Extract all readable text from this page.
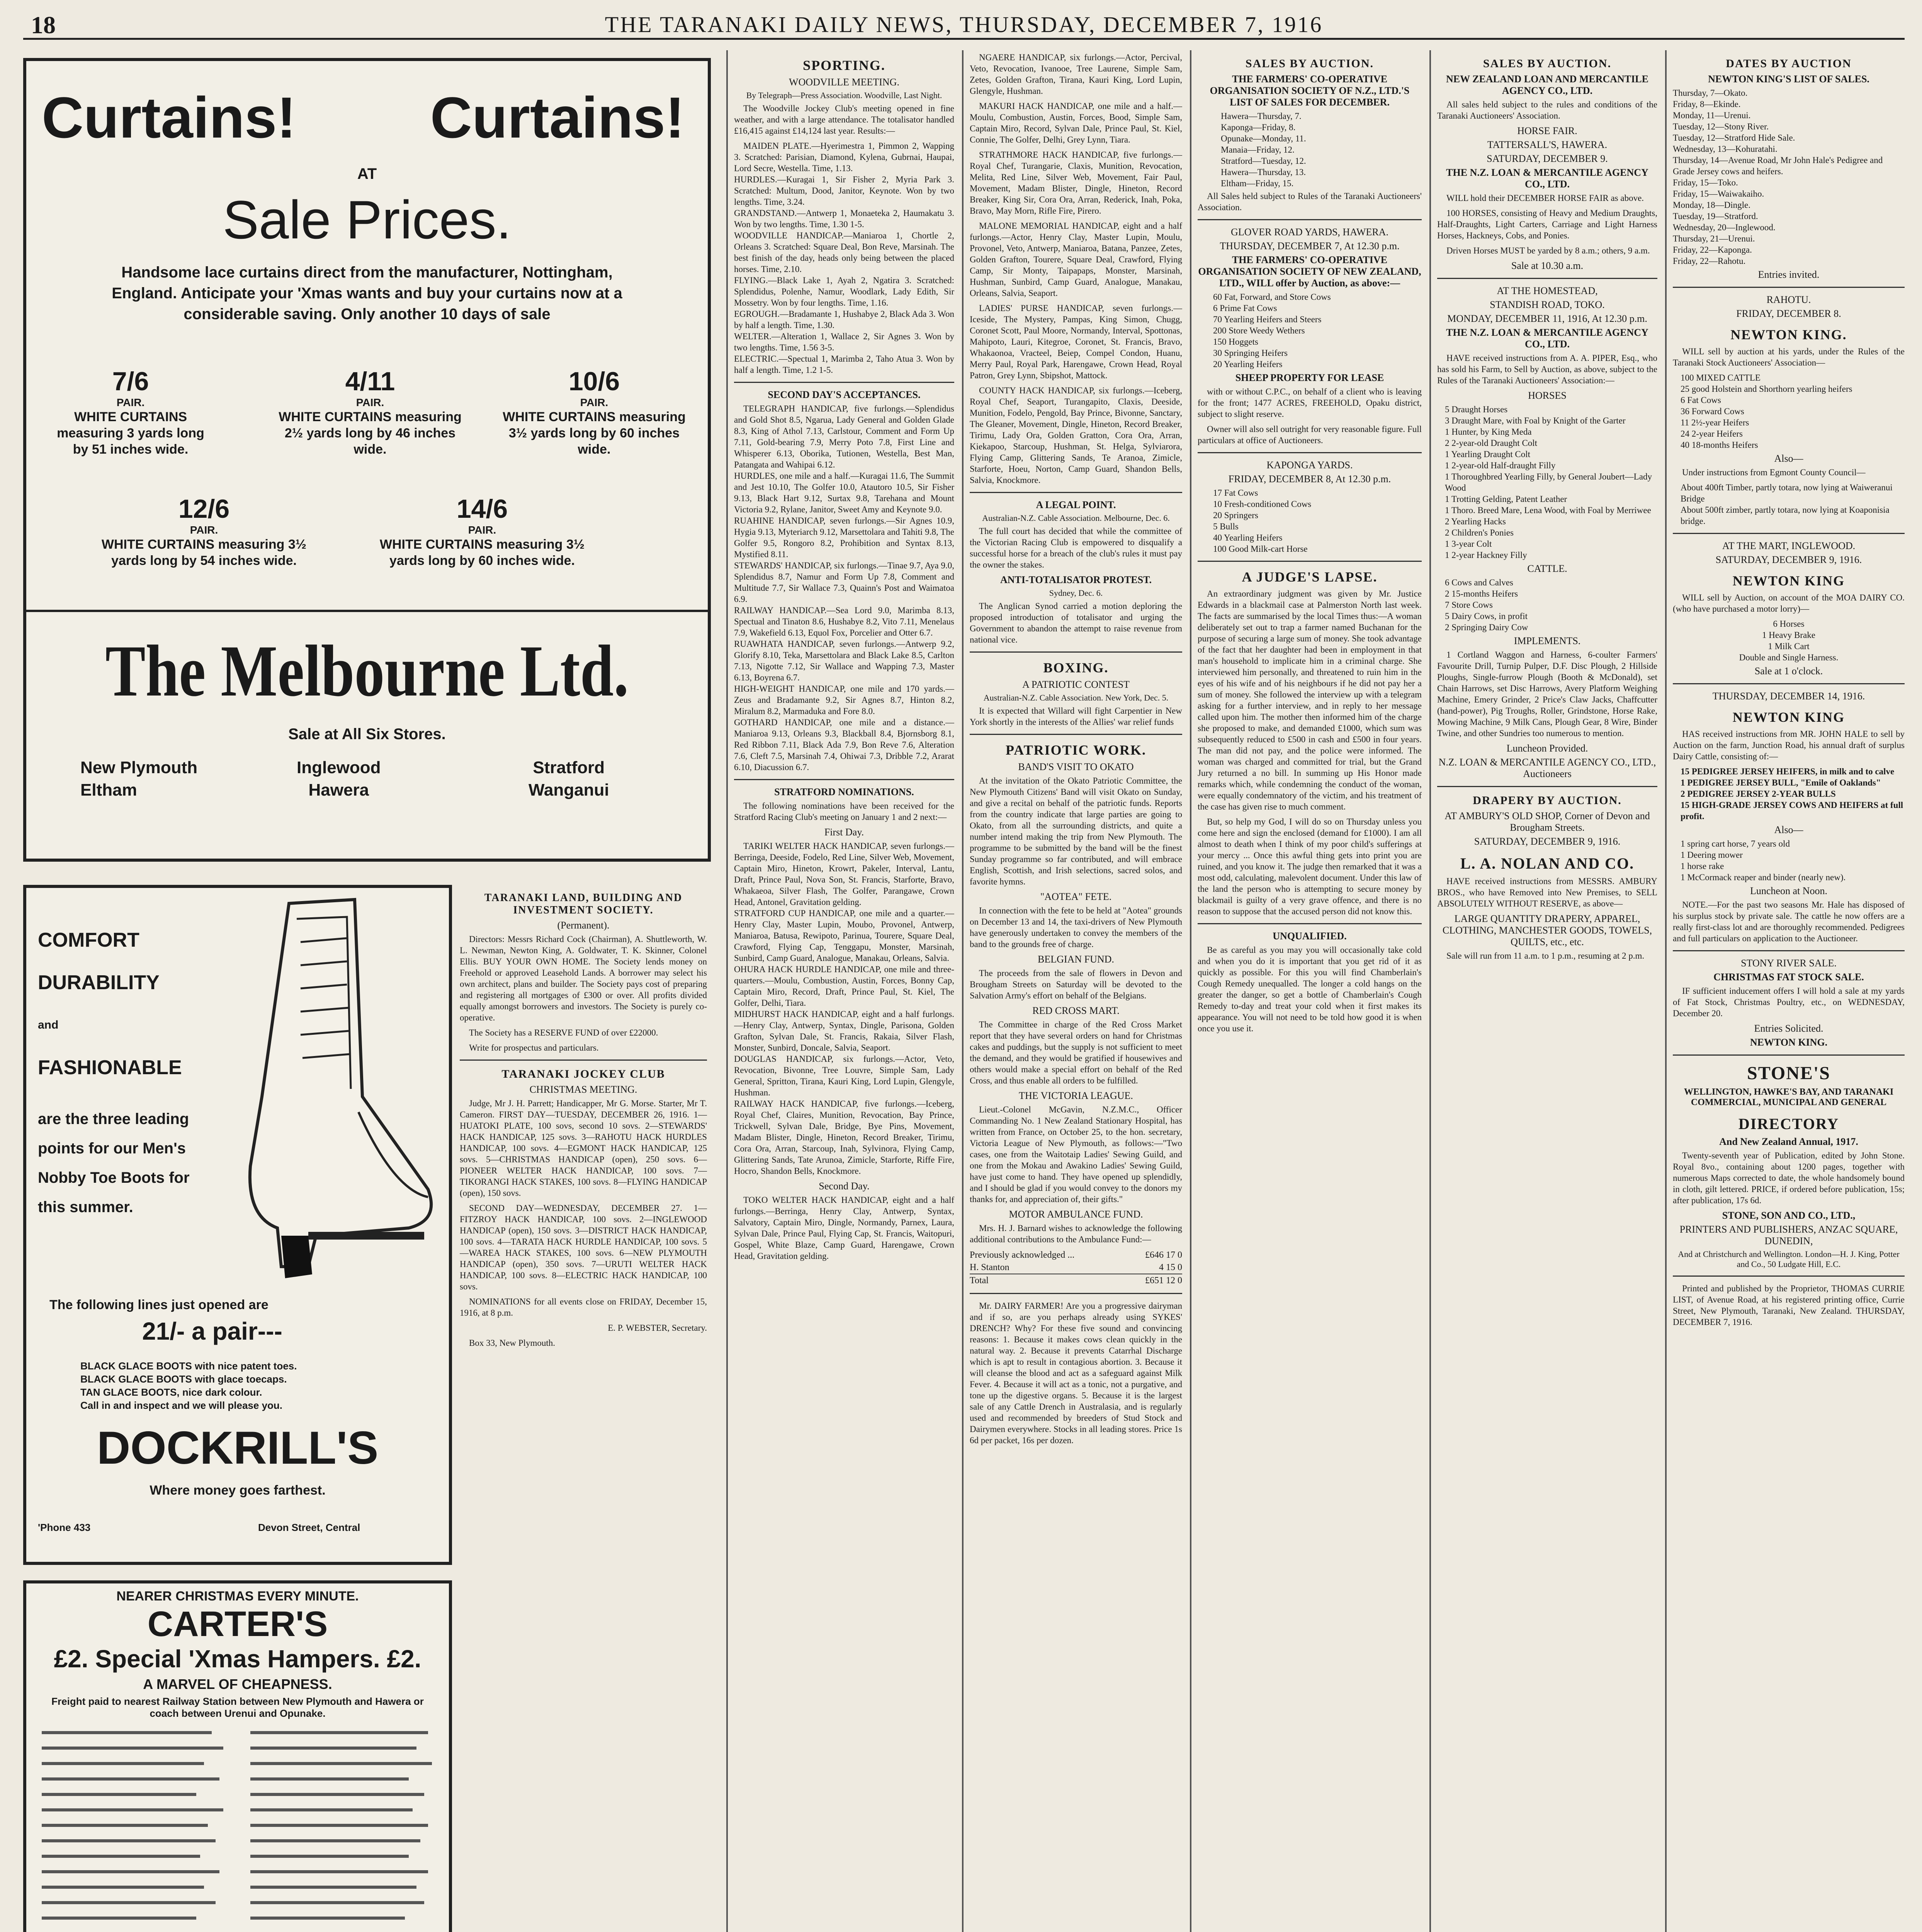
18	THE TARANAKI DAILY NEWS, THURSDAY, DECEMBER 7, 1916
Curtains! Curtains!
AT
Sale Prices.
Handsome lace curtains direct from the manufacturer, Nottingham, England. Anticipate your 'Xmas wants and buy your curtains now at a considerable saving. Only another 10 days of sale
7/6
PAIR.
WHITE CURTAINS measuring 3 yards long by 51 inches wide.
4/11
PAIR.
WHITE CURTAINS measuring 2½ yards long by 46 inches wide.
10/6
PAIR.
WHITE CURTAINS measuring 3½ yards long by 60 inches wide.
12/6
PAIR.
WHITE CURTAINS measuring 3½ yards long by 54 inches wide.
14/6
PAIR.
WHITE CURTAINS measuring 3½ yards long by 60 inches wide.
The Melbourne Ltd.
Sale at All Six Stores.
New Plymouth
Eltham
Inglewood
Hawera
Stratford
Wanganui
COMFORT
DURABILITY
and
FASHIONABLE
are the three leading points for our Men's Nobby Toe Boots for this summer.
The following lines just opened are
21/- a pair---
BLACK GLACE BOOTS with nice patent toes.
BLACK GLACE BOOTS with glace toecaps.
TAN GLACE BOOTS, nice dark colour.
Call in and inspect and we will please you.
DOCKRILL'S
Where money goes farthest.
'Phone 433	Devon Street, Central
TARANAKI LAND, BUILDING AND INVESTMENT SOCIETY.
(Permanent).
Directors: Messrs Richard Cock (Chairman), A. Shuttleworth, W. L. Newman, Newton King, A. Goldwater, T. K. Skinner, Colonel Ellis. BUY YOUR OWN HOME. The Society lends money on Freehold or approved Leasehold Lands. A borrower may select his own architect, plans and builder. The Society pays cost of preparing and registering all mortgages of £300 or over. All profits divided equally amongst borrowers and investors. The Society is purely co-operative.
The Society has a RESERVE FUND of over £22000.
Write for prospectus and particulars.
TARANAKI JOCKEY CLUB
CHRISTMAS MEETING.
Judge, Mr J. H. Parrett; Handicapper, Mr G. Morse. Starter, Mr T. Cameron. FIRST DAY—TUESDAY, DECEMBER 26, 1916. 1—HUATOKI PLATE, 100 sovs, second 10 sovs. 2—STEWARDS' HACK HANDICAP, 125 sovs. 3—RAHOTU HACK HURDLES HANDICAP, 100 sovs. 4—EGMONT HACK HANDICAP, 125 sovs. 5—CHRISTMAS HANDICAP (open), 250 sovs. 6—PIONEER WELTER HACK HANDICAP, 100 sovs. 7—TIKORANGI HACK STAKES, 100 sovs. 8—FLYING HANDICAP (open), 150 sovs.
SECOND DAY—WEDNESDAY, DECEMBER 27. 1—FITZROY HACK HANDICAP, 100 sovs. 2—INGLEWOOD HANDICAP (open), 150 sovs. 3—DISTRICT HACK HANDICAP, 100 sovs. 4—TARATA HACK HURDLE HANDICAP, 100 sovs. 5—WAREA HACK STAKES, 100 sovs. 6—NEW PLYMOUTH HANDICAP (open), 350 sovs. 7—URUTI WELTER HACK HANDICAP, 100 sovs. 8—ELECTRIC HACK HANDICAP, 100 sovs.
NOMINATIONS for all events close on FRIDAY, December 15, 1916, at 8 p.m.
E. P. WEBSTER, Secretary.
Box 33, New Plymouth.
NEARER CHRISTMAS EVERY MINUTE.
CARTER'S
£2. Special 'Xmas Hampers. £2.
A MARVEL OF CHEAPNESS.
Freight paid to nearest Railway Station between New Plymouth and Hawera or coach between Urenui and Opunake.
SPORTING.
WOODVILLE MEETING.
By Telegraph—Press Association. Woodville, Last Night.
The Woodville Jockey Club's meeting opened in fine weather, and with a large attendance. The totalisator handled £16,415 against £14,124 last year. Results:—
MAIDEN PLATE.—Hyerimestra 1, Pimmon 2, Wapping 3. Scratched: Parisian, Diamond, Kylena, Gubrnai, Haupai, Lord Secre, Westella. Time, 1.13.
HURDLES.—Kuragai 1, Sir Fisher 2, Myria Park 3. Scratched: Multum, Dood, Janitor, Keynote. Won by two lengths. Time, 3.24.
GRANDSTAND.—Antwerp 1, Monaeteka 2, Haumakatu 3. Won by two lengths. Time, 1.30 1-5.
WOODVILLE HANDICAP.—Maniaroa 1, Chortle 2, Orleans 3. Scratched: Square Deal, Bon Reve, Marsinah. The best finish of the day, heads only being between the placed horses. Time, 2.10.
FLYING.—Black Lake 1, Ayah 2, Ngatira 3. Scratched: Splendidus, Polenhe, Namur, Woodlark, Lady Edith, Sir Mossetry. Won by four lengths. Time, 1.16.
EGROUGH.—Bradamante 1, Hushabye 2, Black Ada 3. Won by half a length. Time, 1.30.
WELTER.—Alteration 1, Wallace 2, Sir Agnes 3. Won by two lengths. Time, 1.56 3-5.
ELECTRIC.—Spectual 1, Marimba 2, Taho Atua 3. Won by half a length. Time, 1.2 1-5.
SECOND DAY'S ACCEPTANCES.
TELEGRAPH HANDICAP, five furlongs.—Splendidus and Gold Shot 8.5, Ngarua, Lady General and Golden Glade 8.3, King of Athol 7.13, Carlstour, Comment and Form Up 7.11, Gold-bearing 7.9, Merry Poto 7.8, First Line and Whisperer 6.13, Oborika, Tutionen, Westella, Best Man, Patangata and Wahipai 6.12.
HURDLES, one mile and a half.—Kuragai 11.6, The Summit and Jest 10.10, The Golfer 10.0, Atautoro 10.5, Sir Fisher 9.13, Black Hart 9.12, Surtax 9.8, Tarehana and Mount Victoria 9.2, Rylane, Janitor, Sweet Amy and Keynote 9.0.
RUAHINE HANDICAP, seven furlongs.—Sir Agnes 10.9, Hygia 9.13, Myteriarch 9.12, Marsettolara and Tahiti 9.8, The Golfer 9.5, Rongoro 8.2, Prohibition and Syntax 8.13, Mystified 8.11.
STEWARDS' HANDICAP, six furlongs.—Tinae 9.7, Aya 9.0, Splendidus 8.7, Namur and Form Up 7.8, Comment and Multitude 7.7, Sir Wallace 7.3, Quainn's Post and Waimatoa 6.9.
RAILWAY HANDICAP.—Sea Lord 9.0, Marimba 8.13, Spectual and Tinaton 8.6, Hushabye 8.2, Vito 7.11, Menelaus 7.9, Wakefield 6.13, Equol Fox, Porcelier and Otter 6.7.
RUAWHATA HANDICAP, seven furlongs.—Antwerp 9.2, Glorify 8.10, Teka, Marsettolara and Black Lake 8.5, Carlton 7.13, Nigotte 7.12, Sir Wallace and Wapping 7.3, Master 6.13, Boyrena 6.7.
HIGH-WEIGHT HANDICAP, one mile and 170 yards.—Zeus and Bradamante 9.2, Sir Agnes 8.7, Hinton 8.2, Miralum 8.2, Marmaduka and Fore 8.0.
GOTHARD HANDICAP, one mile and a distance.—Maniaroa 9.13, Orleans 9.3, Blackball 8.4, Bjornsborg 8.1, Red Ribbon 7.11, Black Ada 7.9, Bon Reve 7.6, Alteration 7.6, Cleft 7.5, Marsinah 7.4, Ohiwai 7.3, Dribble 7.2, Ararat 6.10, Diacussion 6.7.
STRATFORD NOMINATIONS.
The following nominations have been received for the Stratford Racing Club's meeting on January 1 and 2 next:—
First Day.
TARIKI WELTER HACK HANDICAP, seven furlongs.—Berringa, Deeside, Fodelo, Red Line, Silver Web, Movement, Captain Miro, Hineton, Krowrt, Pakeler, Interval, Lantu, Draft, Prince Paul, Nova Son, St. Francis, Starforte, Bravo, Whakaeoa, Silver Flash, The Golfer, Parangawe, Crown Head, Antonel, Gravitation gelding.
STRATFORD CUP HANDICAP, one mile and a quarter.—Henry Clay, Master Lupin, Moubo, Provonel, Antwerp, Maniaroa, Batusa, Rewipoto, Parinua, Tourere, Square Deal, Crawford, Flying Cap, Tenggapu, Monster, Marsinah, Sunbird, Camp Guard, Analogue, Manakau, Orleans, Salvia.
OHURA HACK HURDLE HANDICAP, one mile and three-quarters.—Moulu, Combustion, Austin, Forces, Bonny Cap, Captain Miro, Record, Draft, Prince Paul, St. Kiel, The Golfer, Delhi, Tiara.
MIDHURST HACK HANDICAP, eight and a half furlongs.—Henry Clay, Antwerp, Syntax, Dingle, Parisona, Golden Grafton, Sylvan Dale, St. Francis, Rakaia, Silver Flash, Monster, Sunbird, Doncale, Salvia, Seaport.
DOUGLAS HANDICAP, six furlongs.—Actor, Veto, Revocation, Bivonne, Tree Louvre, Simple Sam, Lady General, Spritton, Tirana, Kauri King, Lord Lupin, Glengyle, Hushman.
RAILWAY HACK HANDICAP, five furlongs.—Iceberg, Royal Chef, Claires, Munition, Revocation, Bay Prince, Trickwell, Sylvan Dale, Bridge, Bye Pins, Movement, Madam Blister, Dingle, Hineton, Record Breaker, Tirimu, Cora Ora, Arran, Starcoup, Inah, Sylvinora, Flying Camp, Glittering Sands, Tate Arunoa, Zimicle, Starforte, Riffe Fire, Hocro, Shandon Bells, Knockmore.
Second Day.
TOKO WELTER HACK HANDICAP, eight and a half furlongs.—Berringa, Henry Clay, Antwerp, Syntax, Salvatory, Captain Miro, Dingle, Normandy, Parnex, Laura, Sylvan Dale, Prince Paul, Flying Cap, St. Francis, Waitopuri, Gospel, White Blaze, Camp Guard, Harengawe, Crown Head, Gravitation gelding.
NGAERE HANDICAP, six furlongs.—Actor, Percival, Veto, Revocation, Ivanooe, Tree Laurene, Simple Sam, Zetes, Golden Grafton, Tirana, Kauri King, Lord Lupin, Glengyle, Hushman.
MAKURI HACK HANDICAP, one mile and a half.—Moulu, Combustion, Austin, Forces, Bood, Simple Sam, Captain Miro, Record, Sylvan Dale, Prince Paul, St. Kiel, Connie, The Golfer, Delhi, Grey Lynn, Tiara.
STRATHMORE HACK HANDICAP, five furlongs.—Royal Chef, Turangarie, Claxis, Munition, Revocation, Melita, Red Line, Silver Web, Movement, Fair Paul, Movement, Madam Blister, Dingle, Hineton, Record Breaker, King Sir, Cora Ora, Arran, Rederick, Inah, Poka, Bravo, May Morn, Rifle Fire, Pirero.
MALONE MEMORIAL HANDICAP, eight and a half furlongs.—Actor, Henry Clay, Master Lupin, Moulu, Provonel, Veto, Antwerp, Maniaroa, Batana, Panzee, Zetes, Golden Grafton, Tourere, Square Deal, Crawford, Flying Camp, Sir Monty, Taipapaps, Monster, Marsinah, Hushman, Sunbird, Camp Guard, Analogue, Manakau, Orleans, Salvia, Seaport.
LADIES' PURSE HANDICAP, seven furlongs.—Iceside, The Mystery, Pampas, King Simon, Chugg, Coronet Scott, Paul Moore, Normandy, Interval, Spottonas, Mahipoto, Lauri, Kitegroe, Coronet, St. Francis, Bravo, Whakaonoa, Vracteel, Beiep, Compel Condon, Huanu, Merry Paul, Royal Park, Harengawe, Crown Head, Royal Patron, Grey Lynn, Sbipshot, Mattock.
COUNTY HACK HANDICAP, six furlongs.—Iceberg, Royal Chef, Seaport, Turangapito, Claxis, Deeside, Munition, Fodelo, Pengold, Bay Prince, Bivonne, Sanctary, The Gleaner, Movement, Dingle, Hineton, Record Breaker, Tirimu, Lady Ora, Golden Gratton, Cora Ora, Arran, Kiekapoo, Starcoup, Hushman, St. Helga, Sylviarora, Flying Camp, Glittering Sands, Te Aranoa, Zimicle, Starforte, Hoeu, Norton, Camp Guard, Shandon Bells, Salvia, Knockmore.
A LEGAL POINT.
Australian-N.Z. Cable Association. Melbourne, Dec. 6.
The full court has decided that while the committee of the Victorian Racing Club is empowered to disqualify a successful horse for a breach of the club's rules it must pay the owner the stakes.
ANTI-TOTALISATOR PROTEST.
Sydney, Dec. 6.
The Anglican Synod carried a motion deploring the proposed introduction of totalisator and urging the Government to abandon the attempt to raise revenue from national vice.
BOXING.
A PATRIOTIC CONTEST
Australian-N.Z. Cable Association. New York, Dec. 5.
It is expected that Willard will fight Carpentier in New York shortly in the interests of the Allies' war relief funds
PATRIOTIC WORK.
BAND'S VISIT TO OKATO
At the invitation of the Okato Patriotic Committee, the New Plymouth Citizens' Band will visit Okato on Sunday, and give a recital on behalf of the patriotic funds. Reports from the country indicate that large parties are going to Okato, from all the surrounding districts, and quite a number intend making the trip from New Plymouth. The programme to be submitted by the band will be the finest Sunday programme so far contributed, and will embrace English, Scottish, and Irish selections, sacred solos, and favorite hymns.
"AOTEA" FETE.
In connection with the fete to be held at "Aotea" grounds on December 13 and 14, the taxi-drivers of New Plymouth have generously undertaken to convey the members of the band to the grounds free of charge.
BELGIAN FUND.
The proceeds from the sale of flowers in Devon and Brougham Streets on Saturday will be devoted to the Salvation Army's effort on behalf of the Belgians.
RED CROSS MART.
The Committee in charge of the Red Cross Market report that they have several orders on hand for Christmas cakes and puddings, but the supply is not sufficient to meet the demand, and they would be gratified if housewives and others would make a special effort on behalf of the Red Cross, and thus enable all orders to be fulfilled.
THE VICTORIA LEAGUE.
Lieut.-Colonel McGavin, N.Z.M.C., Officer Commanding No. 1 New Zealand Stationary Hospital, has written from France, on October 25, to the hon. secretary, Victoria League of New Plymouth, as follows:—"Two cases, one from the Waitotaip Ladies' Sewing Guild, and one from the Mokau and Awakino Ladies' Sewing Guild, have just come to hand. They have opened up splendidly, and I should be glad if you would convey to the donors my thanks for, and appreciation of, their gifts."
MOTOR AMBULANCE FUND.
Mrs. H. J. Barnard wishes to acknowledge the following additional contributions to the Ambulance Fund:—
Previously acknowledged ...	£646 17 0
H. Stanton	4 15 0
Total	£651 12 0
Mr. DAIRY FARMER! Are you a progressive dairyman and if so, are you perhaps already using SYKES' DRENCH? Why? For these five sound and convincing reasons: 1. Because it makes cows clean quickly in the natural way. 2. Because it prevents Catarrhal Discharge which is apt to result in contagious abortion. 3. Because it will cleanse the blood and act as a safeguard against Milk Fever. 4. Because it will act as a tonic, not a purgative, and tone up the digestive organs. 5. Because it is the largest sale of any Cattle Drench in Australasia, and is regularly used and recommended by breeders of Stud Stock and Dairymen everywhere. Stocks in all leading stores. Price 1s 6d per packet, 16s per dozen.
SALES BY AUCTION.
THE FARMERS' CO-OPERATIVE ORGANISATION SOCIETY OF N.Z., LTD.'S LIST OF SALES FOR DECEMBER.
Hawera—Thursday, 7.
Kaponga—Friday, 8.
Opunake—Monday, 11.
Manaia—Friday, 12.
Stratford—Tuesday, 12.
Hawera—Thursday, 13.
Eltham—Friday, 15.
All Sales held subject to Rules of the Taranaki Auctioneers' Association.
GLOVER ROAD YARDS, HAWERA.
THURSDAY, DECEMBER 7, At 12.30 p.m.
THE FARMERS' CO-OPERATIVE ORGANISATION SOCIETY OF NEW ZEALAND, LTD., WILL offer by Auction, as above:—
60 Fat, Forward, and Store Cows
6 Prime Fat Cows
70 Yearling Heifers and Steers
200 Store Weedy Wethers
150 Hoggets
30 Springing Heifers
20 Yearling Heifers
SHEEP PROPERTY FOR LEASE
with or without C.P.C., on behalf of a client who is leaving for the front; 1477 ACRES, FREEHOLD, Opaku district, subject to slight reserve.
Owner will also sell outright for very reasonable figure. Full particulars at office of Auctioneers.
KAPONGA YARDS.
FRIDAY, DECEMBER 8, At 12.30 p.m.
17 Fat Cows
10 Fresh-conditioned Cows
20 Springers
5 Bulls
40 Yearling Heifers
100 Good Milk-cart Horse
A JUDGE'S LAPSE.
An extraordinary judgment was given by Mr. Justice Edwards in a blackmail case at Palmerston North last week. The facts are summarised by the local Times thus:—A woman deliberately set out to trap a farmer named Buchanan for the purpose of securing a large sum of money. She took advantage of the fact that her daughter had been in employment in that man's household to implicate him in a criminal charge. She interviewed him personally, and threatened to ruin him in the eyes of his wife and of his neighbours if he did not pay her a sum of money. She followed the interview up with a telegram asking for a further interview, and in reply to her message called upon him. The mother then informed him of the charge she proposed to make, and demanded £1000, which sum was subsequently reduced to £500 in cash and £500 in four years. The man did not pay, and the police were informed. The woman was charged and committed for trial, but the Grand Jury returned a no bill. In summing up His Honor made remarks which, while condemning the conduct of the woman, were equally condemnatory of the victim, and his treatment of the case has given rise to much comment.
But, so help my God, I will do so on Thursday unless you come here and sign the enclosed (demand for £1000). I am all almost to death when I think of my poor child's sufferings at your mercy ... Once this awful thing gets into print you are ruined, and you know it. The judge then remarked that it was a most odd, calculating, malevolent document. Under this law of the land the person who is attempting to secure money by blackmail is guilty of a very grave offence, and there is no reason to suppose that the accused person did not know this.
UNQUALIFIED.
Be as careful as you may you will occasionally take cold and when you do it is important that you get rid of it as quickly as possible. For this you will find Chamberlain's Cough Remedy unequalled. The longer a cold hangs on the greater the danger, so get a bottle of Chamberlain's Cough Remedy to-day and treat your cold when it first makes its appearance. You will not need to be told how good it is when once you use it.
SALES BY AUCTION.
NEW ZEALAND LOAN AND MERCANTILE AGENCY CO., LTD.
All sales held subject to the rules and conditions of the Taranaki Auctioneers' Association.
HORSE FAIR.
TATTERSALL'S, HAWERA.
SATURDAY, DECEMBER 9.
THE N.Z. LOAN & MERCANTILE AGENCY CO., LTD.
WILL hold their DECEMBER HORSE FAIR as above.
100 HORSES, consisting of Heavy and Medium Draughts, Half-Draughts, Light Carters, Carriage and Light Harness Horses, Hackneys, Cobs, and Ponies.
Driven Horses MUST be yarded by 8 a.m.; others, 9 a.m.
Sale at 10.30 a.m.
AT THE HOMESTEAD,
STANDISH ROAD, TOKO.
MONDAY, DECEMBER 11, 1916, At 12.30 p.m.
THE N.Z. LOAN & MERCANTILE AGENCY CO., LTD.
HAVE received instructions from A. A. PIPER, Esq., who has sold his Farm, to Sell by Auction, as above, subject to the Rules of the Taranaki Auctioneers' Association:—
HORSES
5 Draught Horses
3 Draught Mare, with Foal by Knight of the Garter
1 Hunter, by King Meda
2 2-year-old Draught Colt
1 Yearling Draught Colt
1 2-year-old Half-draught Filly
1 Thoroughbred Yearling Filly, by General Joubert—Lady Wood
1 Trotting Gelding, Patent Leather
1 Thoro. Breed Mare, Lena Wood, with Foal by Merriwee
2 Yearling Hacks
2 Children's Ponies
1 3-year Colt
1 2-year Hackney Filly
CATTLE.
6 Cows and Calves
2 15-months Heifers
7 Store Cows
5 Dairy Cows, in profit
2 Springing Dairy Cow
IMPLEMENTS.
1 Cortland Waggon and Harness, 6-coulter Farmers' Favourite Drill, Turnip Pulper, D.F. Disc Plough, 2 Hillside Ploughs, Single-furrow Plough (Booth & McDonald), set Chain Harrows, set Disc Harrows, Avery Platform Weighing Machine, Emery Grinder, 2 Price's Claw Jacks, Chaffcutter (hand-power), Pig Troughs, Roller, Grindstone, Horse Rake, Mowing Machine, 9 Milk Cans, Plough Gear, 8 Wire, Binder Twine, and other Sundries too numerous to mention.
Luncheon Provided.
N.Z. LOAN & MERCANTILE AGENCY CO., LTD., Auctioneers
DRAPERY BY AUCTION.
AT AMBURY'S OLD SHOP, Corner of Devon and Brougham Streets.
SATURDAY, DECEMBER 9, 1916.
L. A. NOLAN AND CO.
HAVE received instructions from MESSRS. AMBURY BROS., who have Removed into New Premises, to SELL ABSOLUTELY WITHOUT RESERVE, as above—
LARGE QUANTITY DRAPERY, APPAREL, CLOTHING, MANCHESTER GOODS, TOWELS, QUILTS, etc., etc.
Sale will run from 11 a.m. to 1 p.m., resuming at 2 p.m.
DATES BY AUCTION
NEWTON KING'S LIST OF SALES.
Thursday, 7—Okato.
Friday, 8—Ekinde.
Monday, 11—Urenui.
Tuesday, 12—Stony River.
Tuesday, 12—Stratford Hide Sale.
Wednesday, 13—Kohuratahi.
Thursday, 14—Avenue Road, Mr John Hale's Pedigree and Grade Jersey cows and heifers.
Friday, 15—Toko.
Friday, 15—Waiwakaiho.
Monday, 18—Dingle.
Tuesday, 19—Stratford.
Wednesday, 20—Inglewood.
Thursday, 21—Urenui.
Friday, 22—Kaponga.
Friday, 22—Rahotu.
Entries invited.
RAHOTU.
FRIDAY, DECEMBER 8.
NEWTON KING.
WILL sell by auction at his yards, under the Rules of the Taranaki Stock Auctioneers' Association—
100 MIXED CATTLE
25 good Holstein and Shorthorn yearling heifers
6 Fat Cows
36 Forward Cows
11 2½-year Heifers
24 2-year Heifers
40 18-months Heifers
Also—
Under instructions from Egmont County Council—
About 400ft Timber, partly totara, now lying at Waiweranui Bridge
About 500ft zimber, partly totara, now lying at Koaponisia bridge.
AT THE MART, INGLEWOOD.
SATURDAY, DECEMBER 9, 1916.
NEWTON KING
WILL sell by Auction, on account of the MOA DAIRY CO. (who have purchased a motor lorry)—
6 Horses
1 Heavy Brake
1 Milk Cart
Double and Single Harness.
Sale at 1 o'clock.
THURSDAY, DECEMBER 14, 1916.
NEWTON KING
HAS received instructions from MR. JOHN HALE to sell by Auction on the farm, Junction Road, his annual draft of surplus Dairy Cattle, consisting of:—
15 PEDIGREE JERSEY HEIFERS, in milk and to calve
1 PEDIGREE JERSEY BULL, "Emile of Oaklands"
2 PEDIGREE JERSEY 2-YEAR BULLS
15 HIGH-GRADE JERSEY COWS AND HEIFERS at full profit.
Also—
1 spring cart horse, 7 years old
1 Deering mower
1 horse rake
1 McCormack reaper and binder (nearly new).
Luncheon at Noon.
NOTE.—For the past two seasons Mr. Hale has disposed of his surplus stock by private sale. The cattle he now offers are a really first-class lot and are thoroughly recommended. Pedigrees and full particulars on application to the Auctioneer.
STONY RIVER SALE.
CHRISTMAS FAT STOCK SALE.
IF sufficient inducement offers I will hold a sale at my yards of Fat Stock, Christmas Poultry, etc., on WEDNESDAY, December 20.
Entries Solicited.
NEWTON KING.
STONE'S
WELLINGTON, HAWKE'S BAY, AND TARANAKI COMMERCIAL, MUNICIPAL AND GENERAL
DIRECTORY
And New Zealand Annual, 1917.
Twenty-seventh year of Publication, edited by John Stone. Royal 8vo., containing about 1200 pages, together with numerous Maps corrected to date, the whole handsomely bound in cloth, gilt lettered. PRICE, if ordered before publication, 15s; after publication, 17s 6d.
STONE, SON AND CO., LTD.,
PRINTERS AND PUBLISHERS, ANZAC SQUARE, DUNEDIN,
And at Christchurch and Wellington. London—H. J. King, Potter and Co., 50 Ludgate Hill, E.C.
Printed and published by the Proprietor, THOMAS CURRIE LIST, of Avenue Road, at his registered printing office, Currie Street, New Plymouth, Taranaki, New Zealand. THURSDAY, DECEMBER 7, 1916.
